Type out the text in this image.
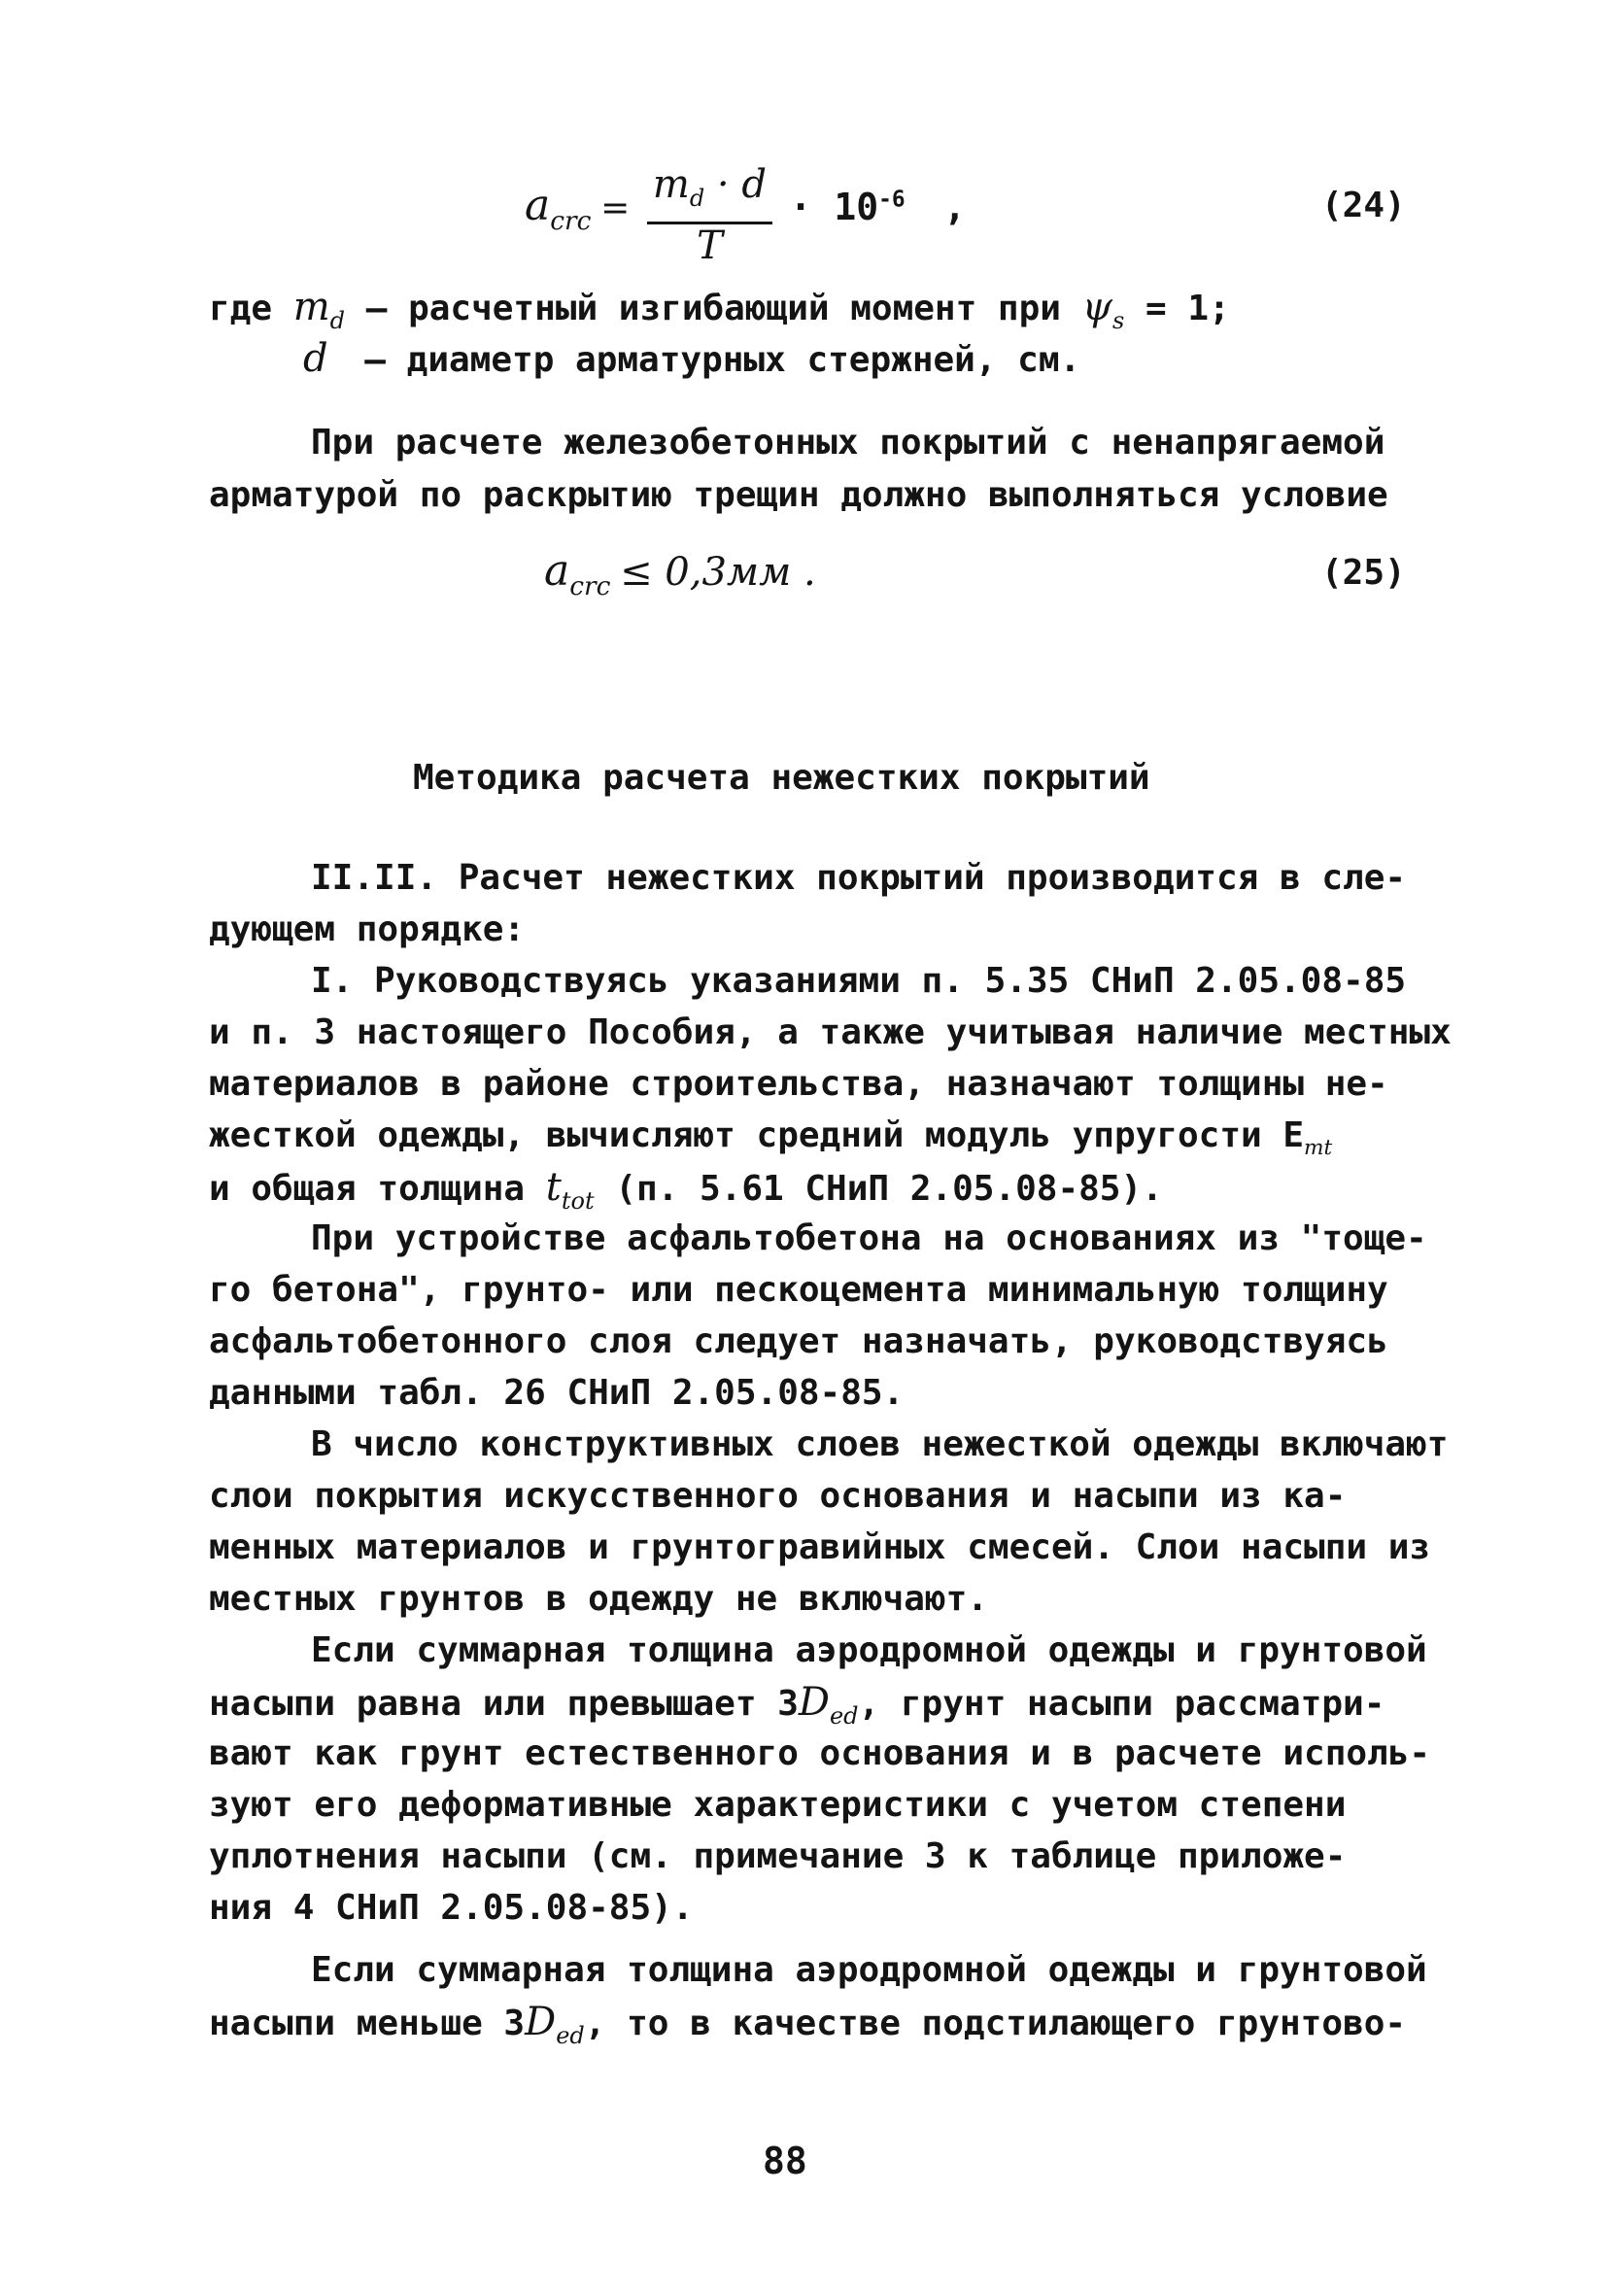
$a_{crc} = \frac{m_d \cdot d}{T} \cdot 10^{-6}$ ,	(24)
где $m_d$ – расчетный изгибающий момент при $\psi_s = 1$;
d – диаметр арматурных стержней, см.
При расчете железобетонных покрытий с ненапрягаемой
арматурой по раскрытию трещин должно выполняться условие
$a_{crc} \le 0,3мм$ .	(25)
Методика расчета нежестких покрытий
II.II. Расчет нежестких покрытий производится в сле-
дующем порядке:
I. Руководствуясь указаниями п. 5.35 СНиП 2.05.08-85
и п. 3 настоящего Пособия, а также учитывая наличие местных
материалов в районе строительства, назначают толщины не-
жесткой одежды, вычисляют средний модуль упругости $E_{mt}$
и общая толщина $t_{tot}$ (п. 5.61 СНиП 2.05.08-85).
При устройстве асфальтобетона на основаниях из "тоще-
го бетона", грунто- или пескоцемента минимальную толщину
асфальтобетонного слоя следует назначать, руководствуясь
данными табл. 26 СНиП 2.05.08-85.
В число конструктивных слоев нежесткой одежды включают
слои покрытия искусственного основания и насыпи из ка-
менных материалов и грунтогравийных смесей. Слои насыпи из
местных грунтов в одежду не включают.
Если суммарная толщина аэродромной одежды и грунтовой
насыпи равна или превышает $3D_{ed}$, грунт насыпи рассматри-
вают как грунт естественного основания и в расчете исполь-
зуют его деформативные характеристики с учетом степени
уплотнения насыпи (см. примечание 3 к таблице приложе-
ния 4 СНиП 2.05.08-85).
Если суммарная толщина аэродромной одежды и грунтовой
насыпи меньше $3D_{ed}$, то в качестве подстилающего грунтово-
88
